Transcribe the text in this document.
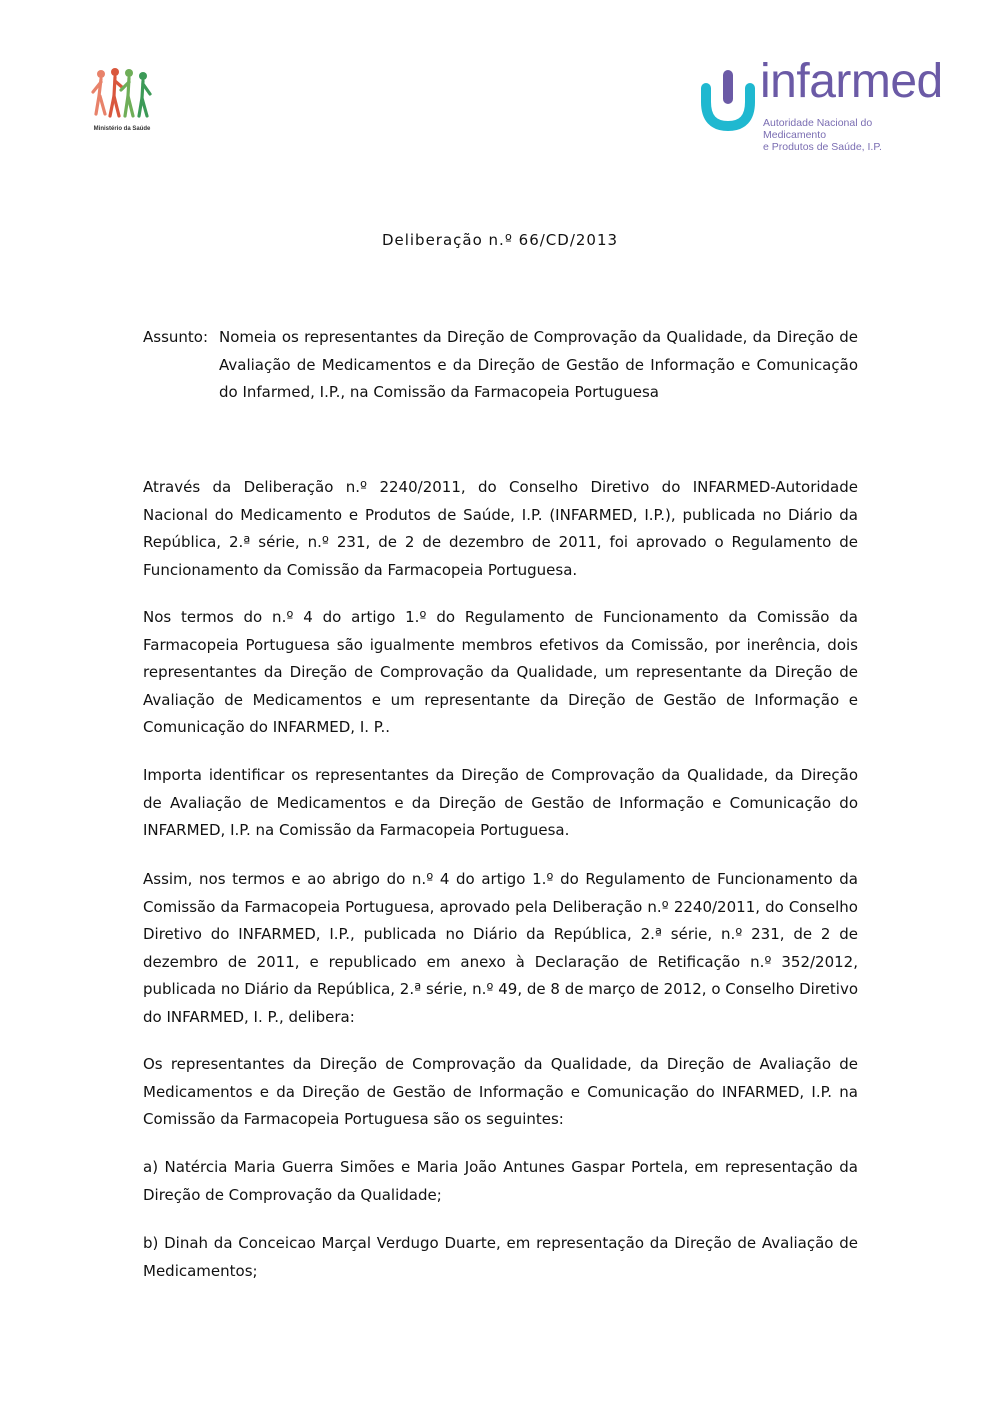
Ministério da Saúde
infarmed
Autoridade Nacional do Medicamento
e Produtos de Saúde, I.P.
Deliberação n.º 66/CD/2013
Assunto: Nomeia os representantes da Direção de Comprovação da Qualidade, da Direção de Avaliação de Medicamentos e da Direção de Gestão de Informação e Comunicação do Infarmed, I.P., na Comissão da Farmacopeia Portuguesa

Através da Deliberação n.º 2240/2011, do Conselho Diretivo do INFARMED-Autoridade Nacional do Medicamento e Produtos de Saúde, I.P. (INFARMED, I.P.), publicada no Diário da República, 2.ª série, n.º 231, de 2 de dezembro de 2011, foi aprovado o Regulamento de Funcionamento da Comissão da Farmacopeia Portuguesa.

Nos termos do n.º 4 do artigo 1.º do Regulamento de Funcionamento da Comissão da Farmacopeia Portuguesa são igualmente membros efetivos da Comissão, por inerência, dois representantes da Direção de Comprovação da Qualidade, um representante da Direção de Avaliação de Medicamentos e um representante da Direção de Gestão de Informação e Comunicação do INFARMED, I. P..

Importa identificar os representantes da Direção de Comprovação da Qualidade, da Direção de Avaliação de Medicamentos e da Direção de Gestão de Informação e Comunicação do INFARMED, I.P. na Comissão da Farmacopeia Portuguesa.

Assim, nos termos e ao abrigo do n.º 4 do artigo 1.º do Regulamento de Funcionamento da Comissão da Farmacopeia Portuguesa, aprovado pela Deliberação n.º 2240/2011, do Conselho Diretivo do INFARMED, I.P., publicada no Diário da República, 2.ª série, n.º 231, de 2 de dezembro de 2011, e republicado em anexo à Declaração de Retificação n.º 352/2012, publicada no Diário da República, 2.ª série, n.º 49, de 8 de março de 2012, o Conselho Diretivo do INFARMED, I. P., delibera:

Os representantes da Direção de Comprovação da Qualidade, da Direção de Avaliação de Medicamentos e da Direção de Gestão de Informação e Comunicação do INFARMED, I.P. na Comissão da Farmacopeia Portuguesa são os seguintes:

a) Natércia Maria Guerra Simões e Maria João Antunes Gaspar Portela, em representação da Direção de Comprovação da Qualidade;

b) Dinah da Conceicao Marçal Verdugo Duarte, em representação da Direção de Avaliação de Medicamentos;
